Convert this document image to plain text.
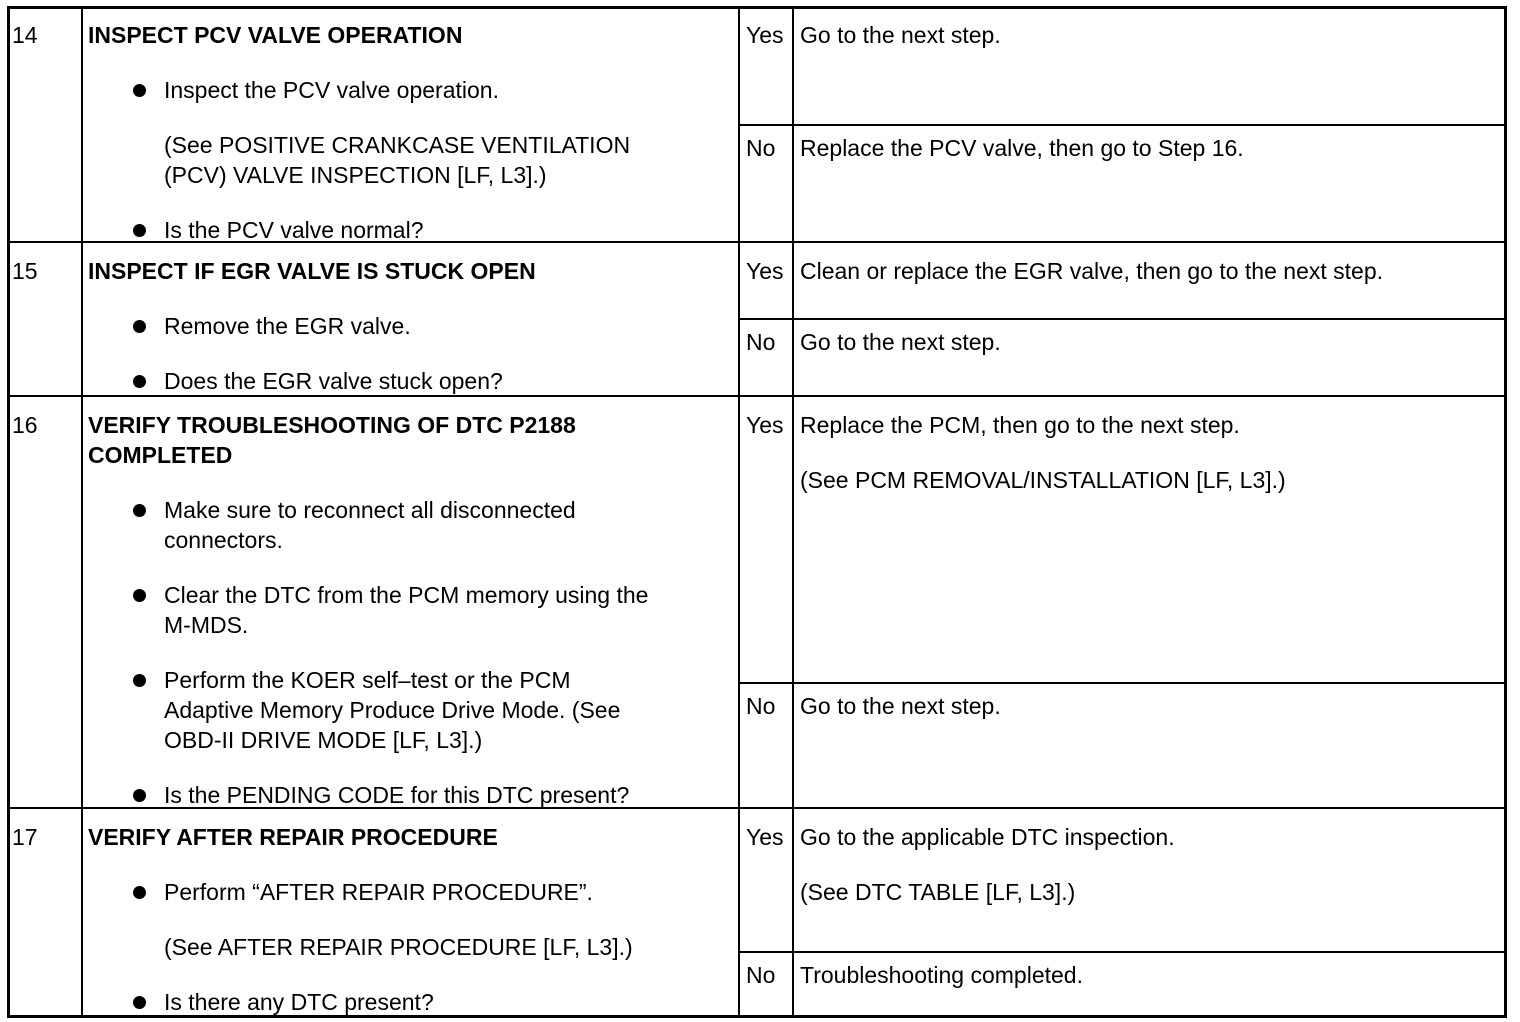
14 INSPECT PCV VALVE OPERATION
Inspect the PCV valve operation.
(See POSITIVE CRANKCASE VENTILATION
(PCV) VALVE INSPECTION [LF, L3].)
Is the PCV valve normal?
Yes Go to the next step.
No Replace the PCV valve, then go to Step 16.
15 INSPECT IF EGR VALVE IS STUCK OPEN
Remove the EGR valve.
Does the EGR valve stuck open?
Yes Clean or replace the EGR valve, then go to the next step.
No Go to the next step.
16 VERIFY TROUBLESHOOTING OF DTC P2188
COMPLETED
Make sure to reconnect all disconnected
connectors.
Clear the DTC from the PCM memory using the
M-MDS.
Perform the KOER self–test or the PCM
Adaptive Memory Produce Drive Mode. (See
OBD-II DRIVE MODE [LF, L3].)
Is the PENDING CODE for this DTC present?
Yes Replace the PCM, then go to the next step.
(See PCM REMOVAL/INSTALLATION [LF, L3].)
No Go to the next step.
17 VERIFY AFTER REPAIR PROCEDURE
Perform “AFTER REPAIR PROCEDURE”.
(See AFTER REPAIR PROCEDURE [LF, L3].)
Is there any DTC present?
Yes Go to the applicable DTC inspection.
(See DTC TABLE [LF, L3].)
No Troubleshooting completed.
